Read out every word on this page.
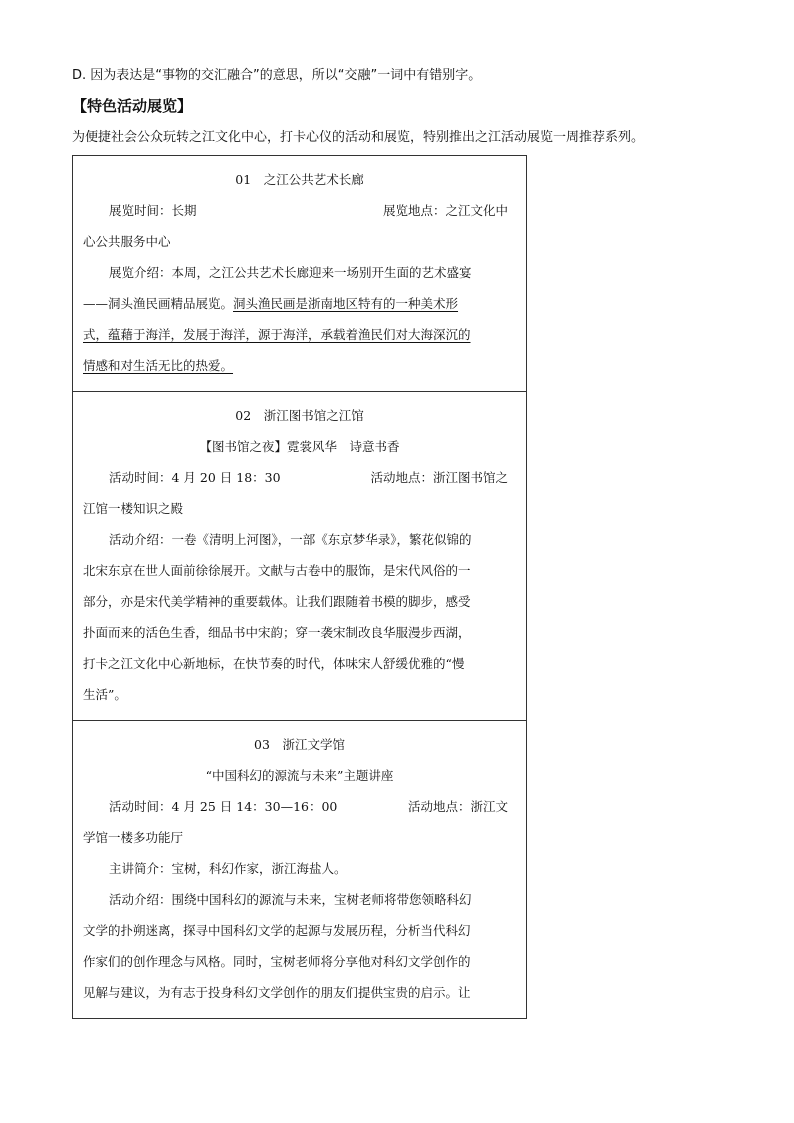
D. 因为表达是“事物的交汇融合”的意思，所以“交融”一词中有错别字。
【特色活动展览】
为便捷社会公众玩转之江文化中心，打卡心仪的活动和展览，特别推出之江活动展览一周推荐系列。
01　之江公共艺术长廊
展览时间：长期	展览地点：之江文化中
心公共服务中心
展览介绍：本周，之江公共艺术长廊迎来一场别开生面的艺术盛宴
——洞头渔民画精品展览。洞头渔民画是浙南地区特有的一种美术形
式，蕴藉于海洋，发展于海洋，源于海洋，承载着渔民们对大海深沉的
情感和对生活无比的热爱。
02　浙江图书馆之江馆
【图书馆之夜】霓裳风华　诗意书香
活动时间：4 月 20 日 18：30	活动地点：浙江图书馆之
江馆一楼知识之殿
活动介绍：一卷《清明上河图》，一部《东京梦华录》，繁花似锦的
北宋东京在世人面前徐徐展开。文献与古卷中的服饰，是宋代风俗的一
部分，亦是宋代美学精神的重要载体。让我们跟随着书模的脚步，感受
扑面而来的活色生香，细品书中宋韵；穿一袭宋制改良华服漫步西湖，
打卡之江文化中心新地标，在快节奏的时代，体味宋人舒缓优雅的“慢
生活”。
03　浙江文学馆
“中国科幻的源流与未来”主题讲座
活动时间：4 月 25 日 14：30—16：00	活动地点：浙江文
学馆一楼多功能厅
主讲简介：宝树，科幻作家，浙江海盐人。
活动介绍：围绕中国科幻的源流与未来，宝树老师将带您领略科幻
文学的扑朔迷离，探寻中国科幻文学的起源与发展历程，分析当代科幻
作家们的创作理念与风格。同时，宝树老师将分享他对科幻文学创作的
见解与建议，为有志于投身科幻文学创作的朋友们提供宝贵的启示。让
